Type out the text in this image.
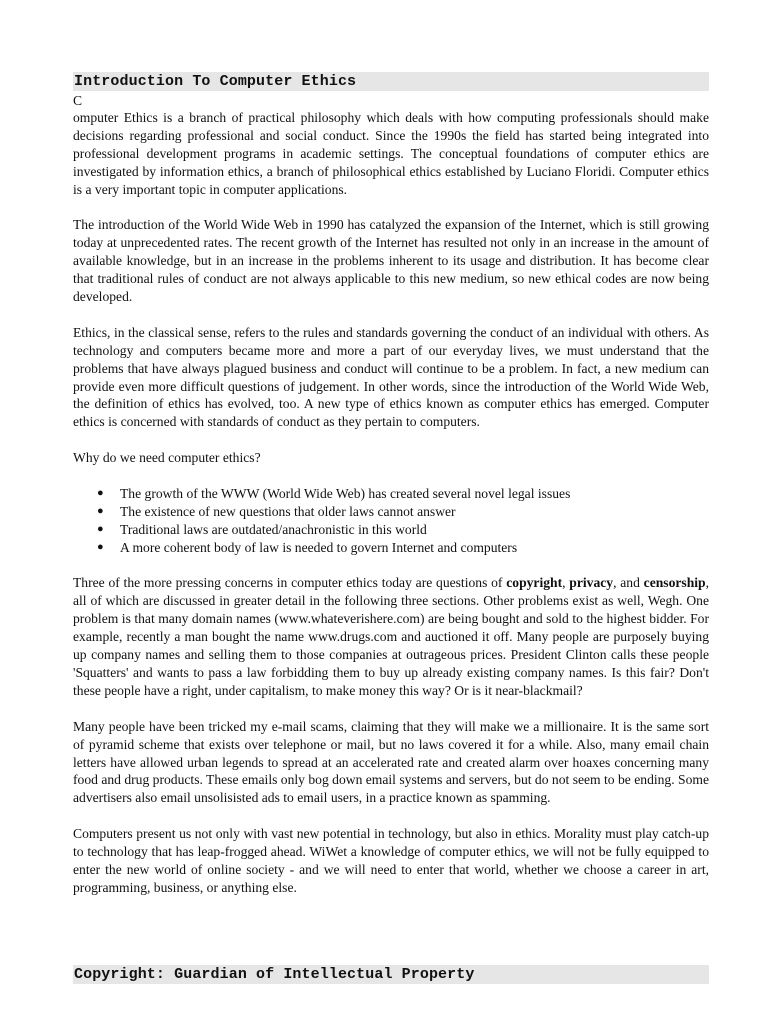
Introduction To Computer Ethics
C

omputer Ethics is a branch of practical philosophy which deals with how computing professionals should make decisions regarding professional and social conduct. Since the 1990s the field has started being integrated into professional development programs in academic settings. The conceptual foundations of computer ethics are investigated by information ethics, a branch of philosophical ethics established by Luciano Floridi. Computer ethics is a very important topic in computer applications.

The introduction of the World Wide Web in 1990 has catalyzed the expansion of the Internet, which is still growing today at unprecedented rates. The recent growth of the Internet has resulted not only in an increase in the amount of available knowledge, but in an increase in the problems inherent to its usage and distribution. It has become clear that traditional rules of conduct are not always applicable to this new medium, so new ethical codes are now being developed.

Ethics, in the classical sense, refers to the rules and standards governing the conduct of an individual with others. As technology and computers became more and more a part of our everyday lives, we must understand that the problems that have always plagued business and conduct will continue to be a problem. In fact, a new medium can provide even more difficult questions of judgement. In other words, since the introduction of the World Wide Web, the definition of ethics has evolved, too. A new type of ethics known as computer ethics has emerged. Computer ethics is concerned with standards of conduct as they pertain to computers.

Why do we need computer ethics?

● The growth of the WWW (World Wide Web) has created several novel legal issues
● The existence of new questions that older laws cannot answer
● Traditional laws are outdated/anachronistic in this world
● A more coherent body of law is needed to govern Internet and computers

Three of the more pressing concerns in computer ethics today are questions of copyright, privacy, and censorship, all of which are discussed in greater detail in the following three sections. Other problems exist as well, Wegh. One problem is that many domain names (www.whateverishere.com) are being bought and sold to the highest bidder. For example, recently a man bought the name www.drugs.com and auctioned it off. Many people are purposely buying up company names and selling them to those companies at outrageous prices. President Clinton calls these people 'Squatters' and wants to pass a law forbidding them to buy up already existing company names. Is this fair? Don't these people have a right, under capitalism, to make money this way? Or is it near-blackmail?

Many people have been tricked my e-mail scams, claiming that they will make we a millionaire. It is the same sort of pyramid scheme that exists over telephone or mail, but no laws covered it for a while. Also, many email chain letters have allowed urban legends to spread at an accelerated rate and created alarm over hoaxes concerning many food and drug products. These emails only bog down email systems and servers, but do not seem to be ending. Some advertisers also email unsolisisted ads to email users, in a practice known as spamming.

Computers present us not only with vast new potential in technology, but also in ethics. Morality must play catch-up to technology that has leap-frogged ahead. WiWet a knowledge of computer ethics, we will not be fully equipped to enter the new world of online society - and we will need to enter that world, whether we choose a career in art, programming, business, or anything else.

Copyright: Guardian of Intellectual Property
